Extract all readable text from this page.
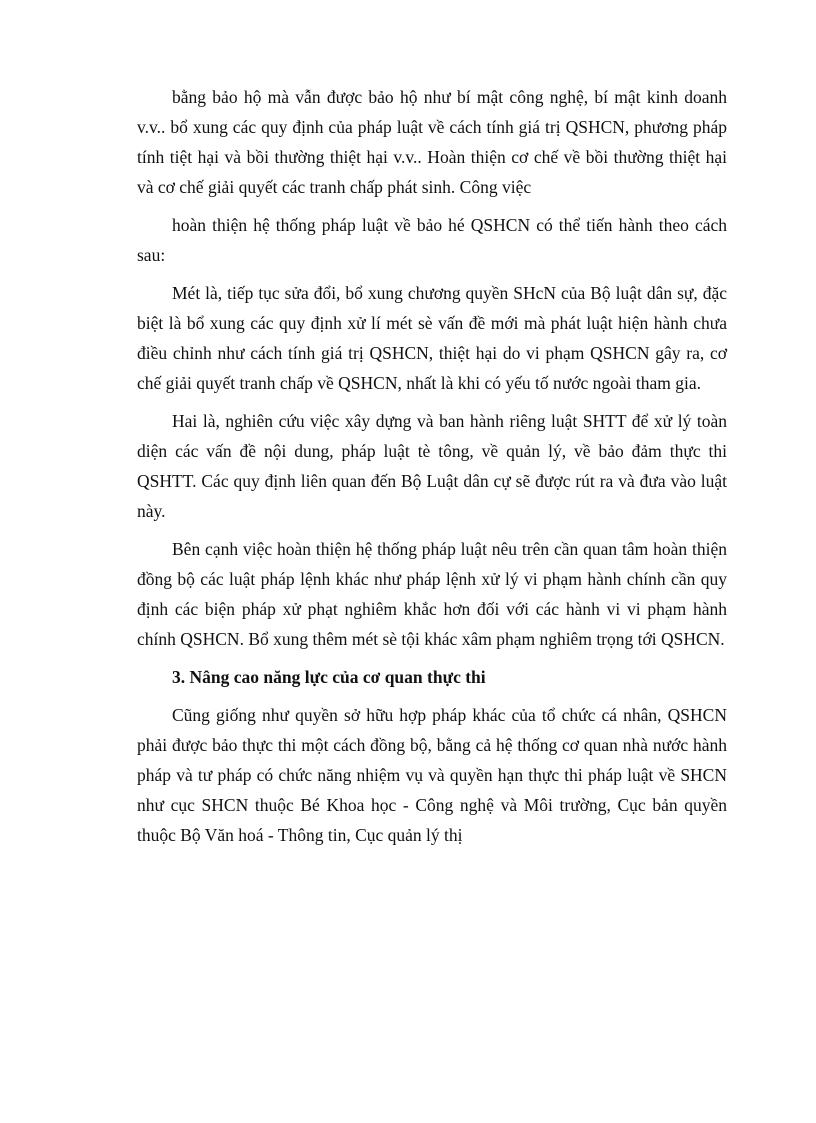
bằng bảo hộ mà vẫn được bảo hộ như bí mật công nghệ, bí mật kinh doanh v.v.. bổ xung các quy định của pháp luật về cách tính giá trị QSHCN, phương pháp tính tiệt hại và bồi thường thiệt hại v.v.. Hoàn thiện cơ chế về bồi thường thiệt hại và cơ chế giải quyết các tranh chấp phát sinh. Công việc

hoàn thiện hệ thống pháp luật về bảo hé QSHCN có thể tiến hành theo cách sau:

Mét là, tiếp tục sửa đổi, bổ xung chương quyền SHcN của Bộ luật dân sự, đặc biệt là bổ xung các quy định xử lí mét sè vấn đề mới mà phát luật hiện hành chưa điều chỉnh như cách tính giá trị QSHCN, thiệt hại do vi phạm QSHCN gây ra, cơ chế giải quyết tranh chấp về QSHCN, nhất là khi có yếu tố nước ngoài tham gia.

Hai là, nghiên cứu việc xây dựng và ban hành riêng luật SHTT để xử lý toàn diện các vấn đề nội dung, pháp luật tè tông, về quản lý, về bảo đảm thực thi QSHTT. Các quy định liên quan đến Bộ Luật dân cự sẽ được rút ra và đưa vào luật này.

Bên cạnh việc hoàn thiện hệ thống pháp luật nêu trên cần quan tâm hoàn thiện đồng bộ các luật pháp lệnh khác như pháp lệnh xử lý vi phạm hành chính cần quy định các biện pháp xử phạt nghiêm khắc hơn đối với các hành vi vi phạm hành chính QSHCN. Bổ xung thêm mét sè tội khác xâm phạm nghiêm trọng tới QSHCN.

3. Nâng cao năng lực của cơ quan thực thi

Cũng giống như quyền sở hữu hợp pháp khác của tổ chức cá nhân, QSHCN phải được bảo thực thi một cách đồng bộ, bằng cả hệ thống cơ quan nhà nước hành pháp và tư pháp có chức năng nhiệm vụ và quyền hạn thực thi pháp luật về SHCN như cục SHCN thuộc Bé Khoa học - Công nghệ và Môi trường, Cục bản quyền thuộc Bộ Văn hoá - Thông tin, Cục quản lý thị
